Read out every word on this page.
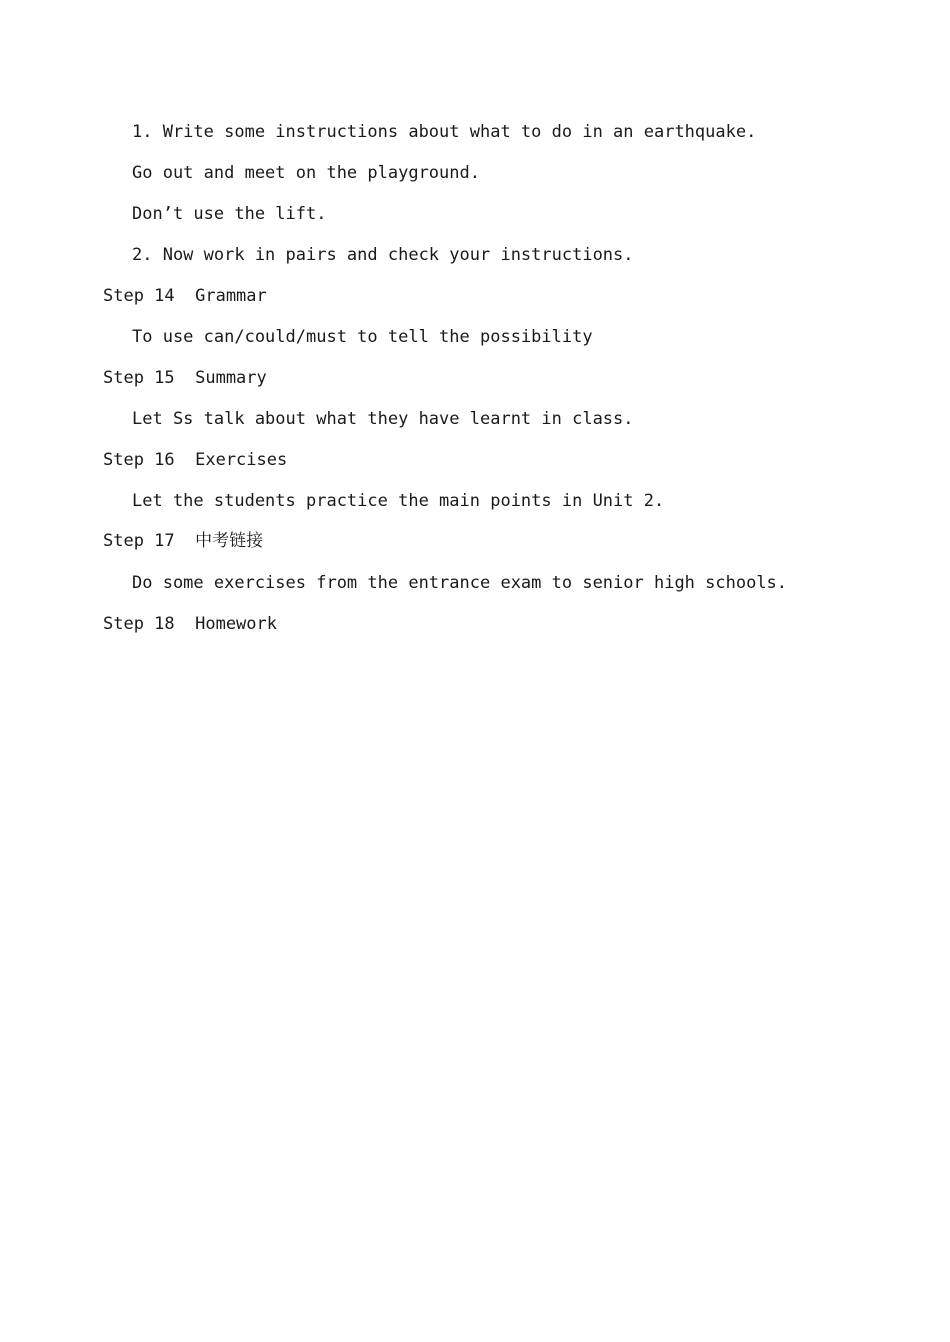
1. Write some instructions about what to do in an earthquake.
Go out and meet on the playground.
Don’t use the lift.
2. Now work in pairs and check your instructions.
Step 14  Grammar
To use can/could/must to tell the possibility
Step 15  Summary
Let Ss talk about what they have learnt in class.
Step 16  Exercises
Let the students practice the main points in Unit 2.
Step 17  中考链接
Do some exercises from the entrance exam to senior high schools.
Step 18  Homework
